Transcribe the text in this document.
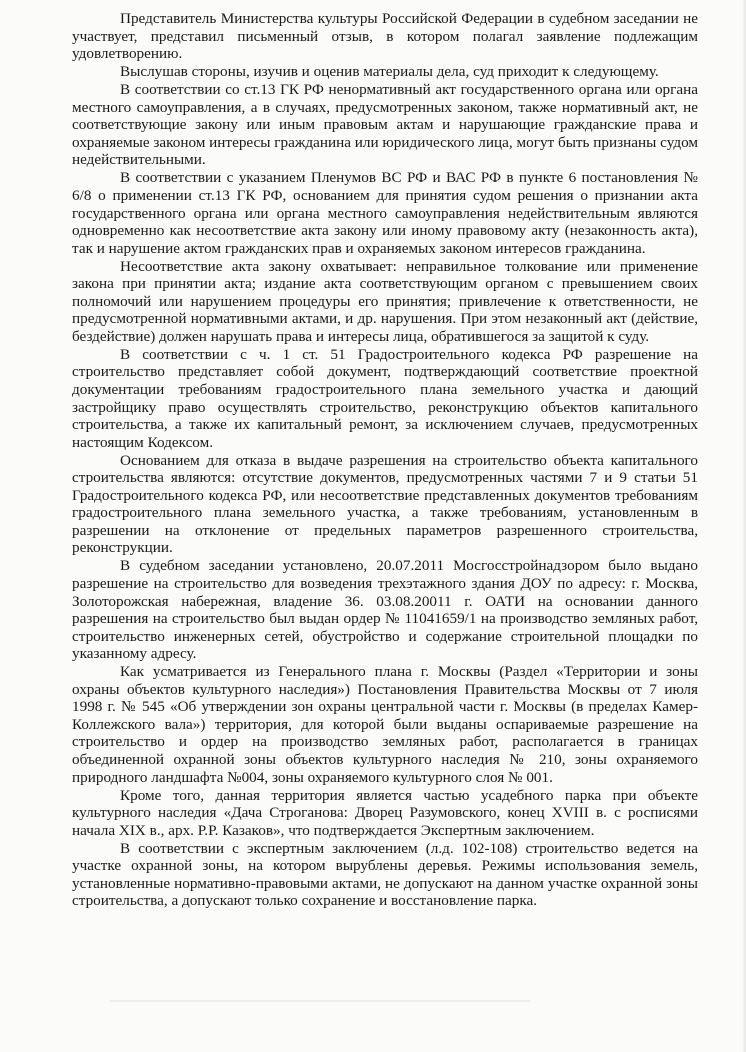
Представитель Министерства культуры Российской Федерации в судебном заседании не участвует, представил письменный отзыв, в котором полагал заявление подлежащим удовлетворению.

Выслушав стороны, изучив и оценив материалы дела, суд приходит к следующему.

В соответствии со ст.13 ГК РФ ненормативный акт государственного органа или органа местного самоуправления, а в случаях, предусмотренных законом, также нормативный акт, не соответствующие закону или иным правовым актам и нарушающие гражданские права и охраняемые законом интересы гражданина или юридического лица, могут быть признаны судом недействительными.

В соответствии с указанием Пленумов ВС РФ и ВАС РФ в пункте 6 постановления № 6/8 о применении ст.13 ГК РФ, основанием для принятия судом решения о признании акта государственного органа или органа местного самоуправления недействительным являются одновременно как несоответствие акта закону или иному правовому акту (незаконность акта), так и нарушение актом гражданских прав и охраняемых законом интересов гражданина.

Несоответствие акта закону охватывает: неправильное толкование или применение закона при принятии акта; издание акта соответствующим органом с превышением своих полномочий или нарушением процедуры его принятия; привлечение к ответственности, не предусмотренной нормативными актами, и др. нарушения. При этом незаконный акт (действие, бездействие) должен нарушать права и интересы лица, обратившегося за защитой к суду.

В соответствии с ч. 1 ст. 51 Градостроительного кодекса РФ разрешение на строительство представляет собой документ, подтверждающий соответствие проектной документации требованиям градостроительного плана земельного участка и дающий застройщику право осуществлять строительство, реконструкцию объектов капитального строительства, а также их капитальный ремонт, за исключением случаев, предусмотренных настоящим Кодексом.

Основанием для отказа в выдаче разрешения на строительство объекта капитального строительства являются: отсутствие документов, предусмотренных частями 7 и 9 статьи 51 Градостроительного кодекса РФ, или несоответствие представленных документов требованиям градостроительного плана земельного участка, а также требованиям, установленным в разрешении на отклонение от предельных параметров разрешенного строительства, реконструкции.

В судебном заседании установлено, 20.07.2011 Мосгосстройнадзором было выдано разрешение на строительство для возведения трехэтажного здания ДОУ по адресу: г. Москва, Золоторожская набережная, владение 36. 03.08.20011 г. ОАТИ на основании данного разрешения на строительство был выдан ордер № 11041659/1 на производство земляных работ, строительство инженерных сетей, обустройство и содержание строительной площадки по указанному адресу.

Как усматривается из Генерального плана г. Москвы (Раздел «Территории и зоны охраны объектов культурного наследия») Постановления Правительства Москвы от 7 июля 1998 г. № 545 «Об утверждении зон охраны центральной части г. Москвы (в пределах Камер-Коллежского вала») территория, для которой были выданы оспариваемые разрешение на строительство и ордер на производство земляных работ, располагается в границах объединенной охранной зоны объектов культурного наследия № 210, зоны охраняемого природного ландшафта №004, зоны охраняемого культурного слоя № 001.

Кроме того, данная территория является частью усадебного парка при объекте культурного наследия «Дача Строганова: Дворец Разумовского, конец XVIII в. с росписями начала XIX в., арх. Р.Р. Казаков», что подтверждается Экспертным заключением.

В соответствии с экспертным заключением (л.д. 102-108) строительство ведется на участке охранной зоны, на котором вырублены деревья. Режимы использования земель, установленные нормативно-правовыми актами, не допускают на данном участке охранной зоны строительства, а допускают только сохранение и восстановление парка.
